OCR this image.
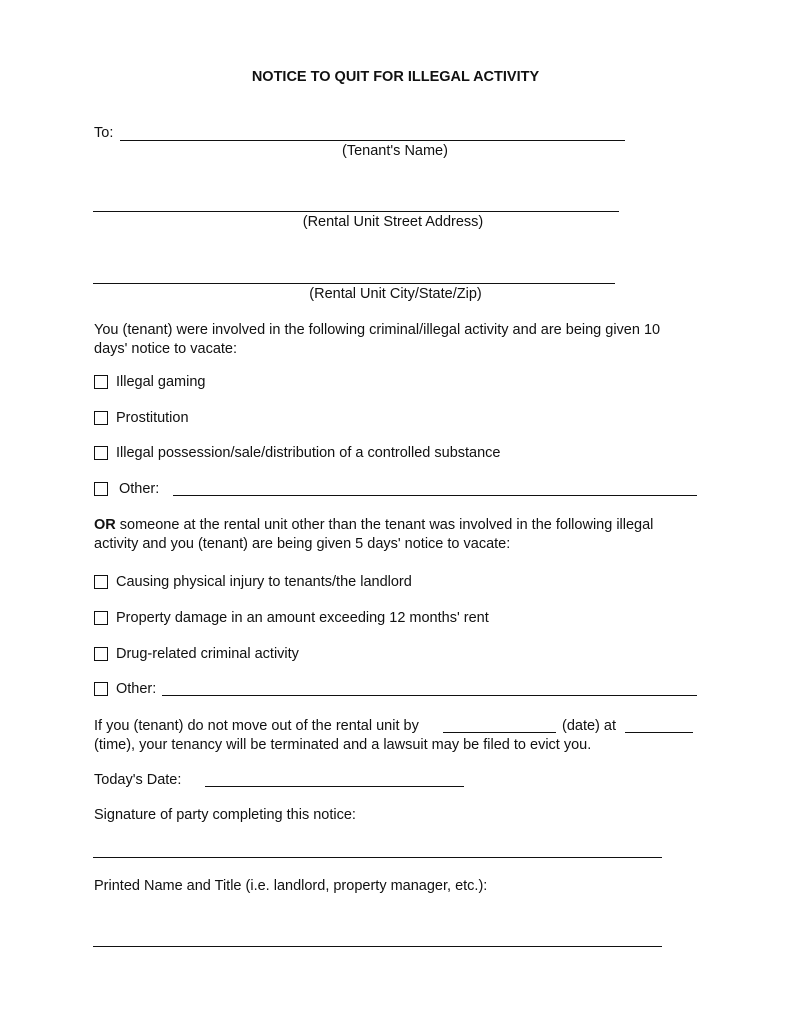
NOTICE TO QUIT FOR ILLEGAL ACTIVITY
To:
(Tenant's Name)
(Rental Unit Street Address)
(Rental Unit City/State/Zip)
You (tenant) were involved in the following criminal/illegal activity and are being given 10 days' notice to vacate:
Illegal gaming
Prostitution
Illegal possession/sale/distribution of a controlled substance
Other:
OR someone at the rental unit other than the tenant was involved in the following illegal activity and you (tenant) are being given 5 days' notice to vacate:
Causing physical injury to tenants/the landlord
Property damage in an amount exceeding 12 months' rent
Drug-related criminal activity
Other:
If you (tenant) do not move out of the rental unit by	(date) at
(time), your tenancy will be terminated and a lawsuit may be filed to evict you.
Today's Date:
Signature of party completing this notice:
Printed Name and Title (i.e. landlord, property manager, etc.):
